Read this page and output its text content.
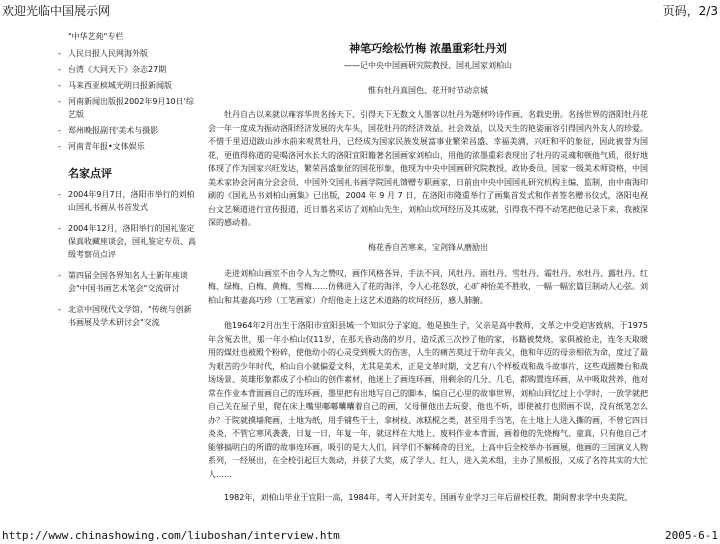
欢迎光临中国展示网	页码，2/3
"中华艺苑"专栏
- 人民日报人民网海外版
- 台湾《大同天下》杂志27期
- 马来西亚槟城光明日报新闻版
- 河南新闻出版报2002年9月10日'综艺版
- 郑州晚报副刊'美术与摄影
- 河南青年报•文体娱乐
名家点评
- 2004年9月7日，洛阳市举行的刘柏山国礼书画从书首发式
- 2004年12月，洛阳举行的国礼鉴定保真收藏座谈会，国礼鉴定专员、高级考察员点评
- 第四届全国各界知名人士新年座谈会"中国书画艺术笔会"交流研讨
- 北京中国现代文学馆，"传统与创新书画展及学术研讨会"交流
神笔巧绘松竹梅 浓墨重彩牡丹刘
——记中央中国画研究院教授、国礼国家刘柏山
惟有牡丹真国色、花开时节动京城

牡丹自古以来就以雍容华贵名扬天下，引得天下无数文人墨客以牡丹为题材吟诗作画，名载史册。名扬世界的洛阳牡丹花会一年一度成为振动洛阳经济发展的火车头，国花牡丹的经济效益、社会效益，以及天生的艳姿丽容引得国内外友人的珍爱。不惜千里迢迢跋山涉水前来观赏牡丹，已经成为国家民族发展富事业繁荣昌盛、幸福美满，兴旺和平的象征，因此被誉为国花，更值得称道的是喝洛河水长大的洛阳宜阳籍著名国画家刘柏山，用他的浓墨重彩表现出了牡丹的灵魂和顿他气质，很好地体现了作为国家兴旺发达，繁荣昌盛象征的国花形象，他现为中央中国画研究院教授、政协委员、国家一级美术师资格，中国美术家协会河南分会会员、中国外交国礼书画学院国礼馈赠专职画家，日前由中央中国国礼研究机构主编、监制，由中南海印刷的《国礼丛书刘柏山画集》已出版，2004 年 9 月 7 日，在洛阳市隆重举行了画集首发式和作者签名赠书仪式，洛阳电视台文艺频道进行宣传报道，近日慕名采访了刘柏山先生，刘柏山坎坷经历及其成就，引得我不得不动笔把他记录下来，我被深深的感动着。

梅花香自苦寒来，宝剑锋从磨励出

走进刘柏山画室不由令人为之赞叹，画作风格各异，手法不同，风牡丹、雨牡丹、雪牡丹、霜牡丹、水牡丹、露牡丹、红梅、绿梅、白梅、黄梅、雪梅……仿佛进入了花的海洋，令人心花怒放，心旷神怡美不胜收，一幅一幅宏篇巨制动人心弦。刘柏山和其妻高巧珍（工笔画家）介绍他走上这艺术道路的坎坷经历，感人肺腑。

他1964年2月出生于洛阳市宜阳县城一个知识分子家庭，他是独生子，父亲是高中教师，文革之中受迫害致病，于1975年含冤去世，那一年小柏山仅11岁，在那天昏动荡的岁月，造反派三次抄了他的家，书籍被焚烧，家俱被抢走，连冬天取暖用的煤灶也被殿个粉碎，使他幼小的心灵受到极大的伤害，人生的痛苦莫过于幼年丧父，他和年迈的母亲相依为命，度过了最为艰苦的少年时代，柏山自小就偏爱文科，尤其是美术，正是文革时期，文艺有八个样板戏和战斗故事片，这些戏剧舞台和战场场景、英雄形象都成了小柏山的创作素材，他迷上了画连环画，用剩余的几分、几毛，都购置连环画，从中吸取营养，他对常在作业本背面画自己的连环画，墨里把有出地写自己的脚本，编自己心里的故事世界，刘柏山回忆过上小学时，一放学就把自己关在屋子里，爬在床上嘴里嘟嘟囔囔着自己的画，父母催他出去玩耍，他也不听，即使被打也照画不误，没有纸笔怎么办？于院就摸墙爬画，土地为纸，用手铺些干土，拿树枝、冰糕棍之类，甚至用手当笔，在土地上人进入撕的画，不曾它四日炎炎，不管它寒风袭袭，日复一日，年复一年，就这样在大地上、废料作业本背面，画着他的先烧梅气、童真，只有他自己才能够搞明白的所谓的故事连环画，吸引的是大人们，同学们不解稀奇的目光，上高中后全校举办书画展，他画的三国演义人物系列，一经展出，在全校引起巨大轰动，并获了大奖，成了学人、红人，进入美术组，主办了黑板报，又成了名符其实的大忙人……

1982年，刘柏山毕业于宜阳一高，1984年，考入开封美专，国画专业学习三年后留校任教，期间曾求学中央美院，

http://www.chinashowing.com/liuboshan/interview.htm	2005-6-1
